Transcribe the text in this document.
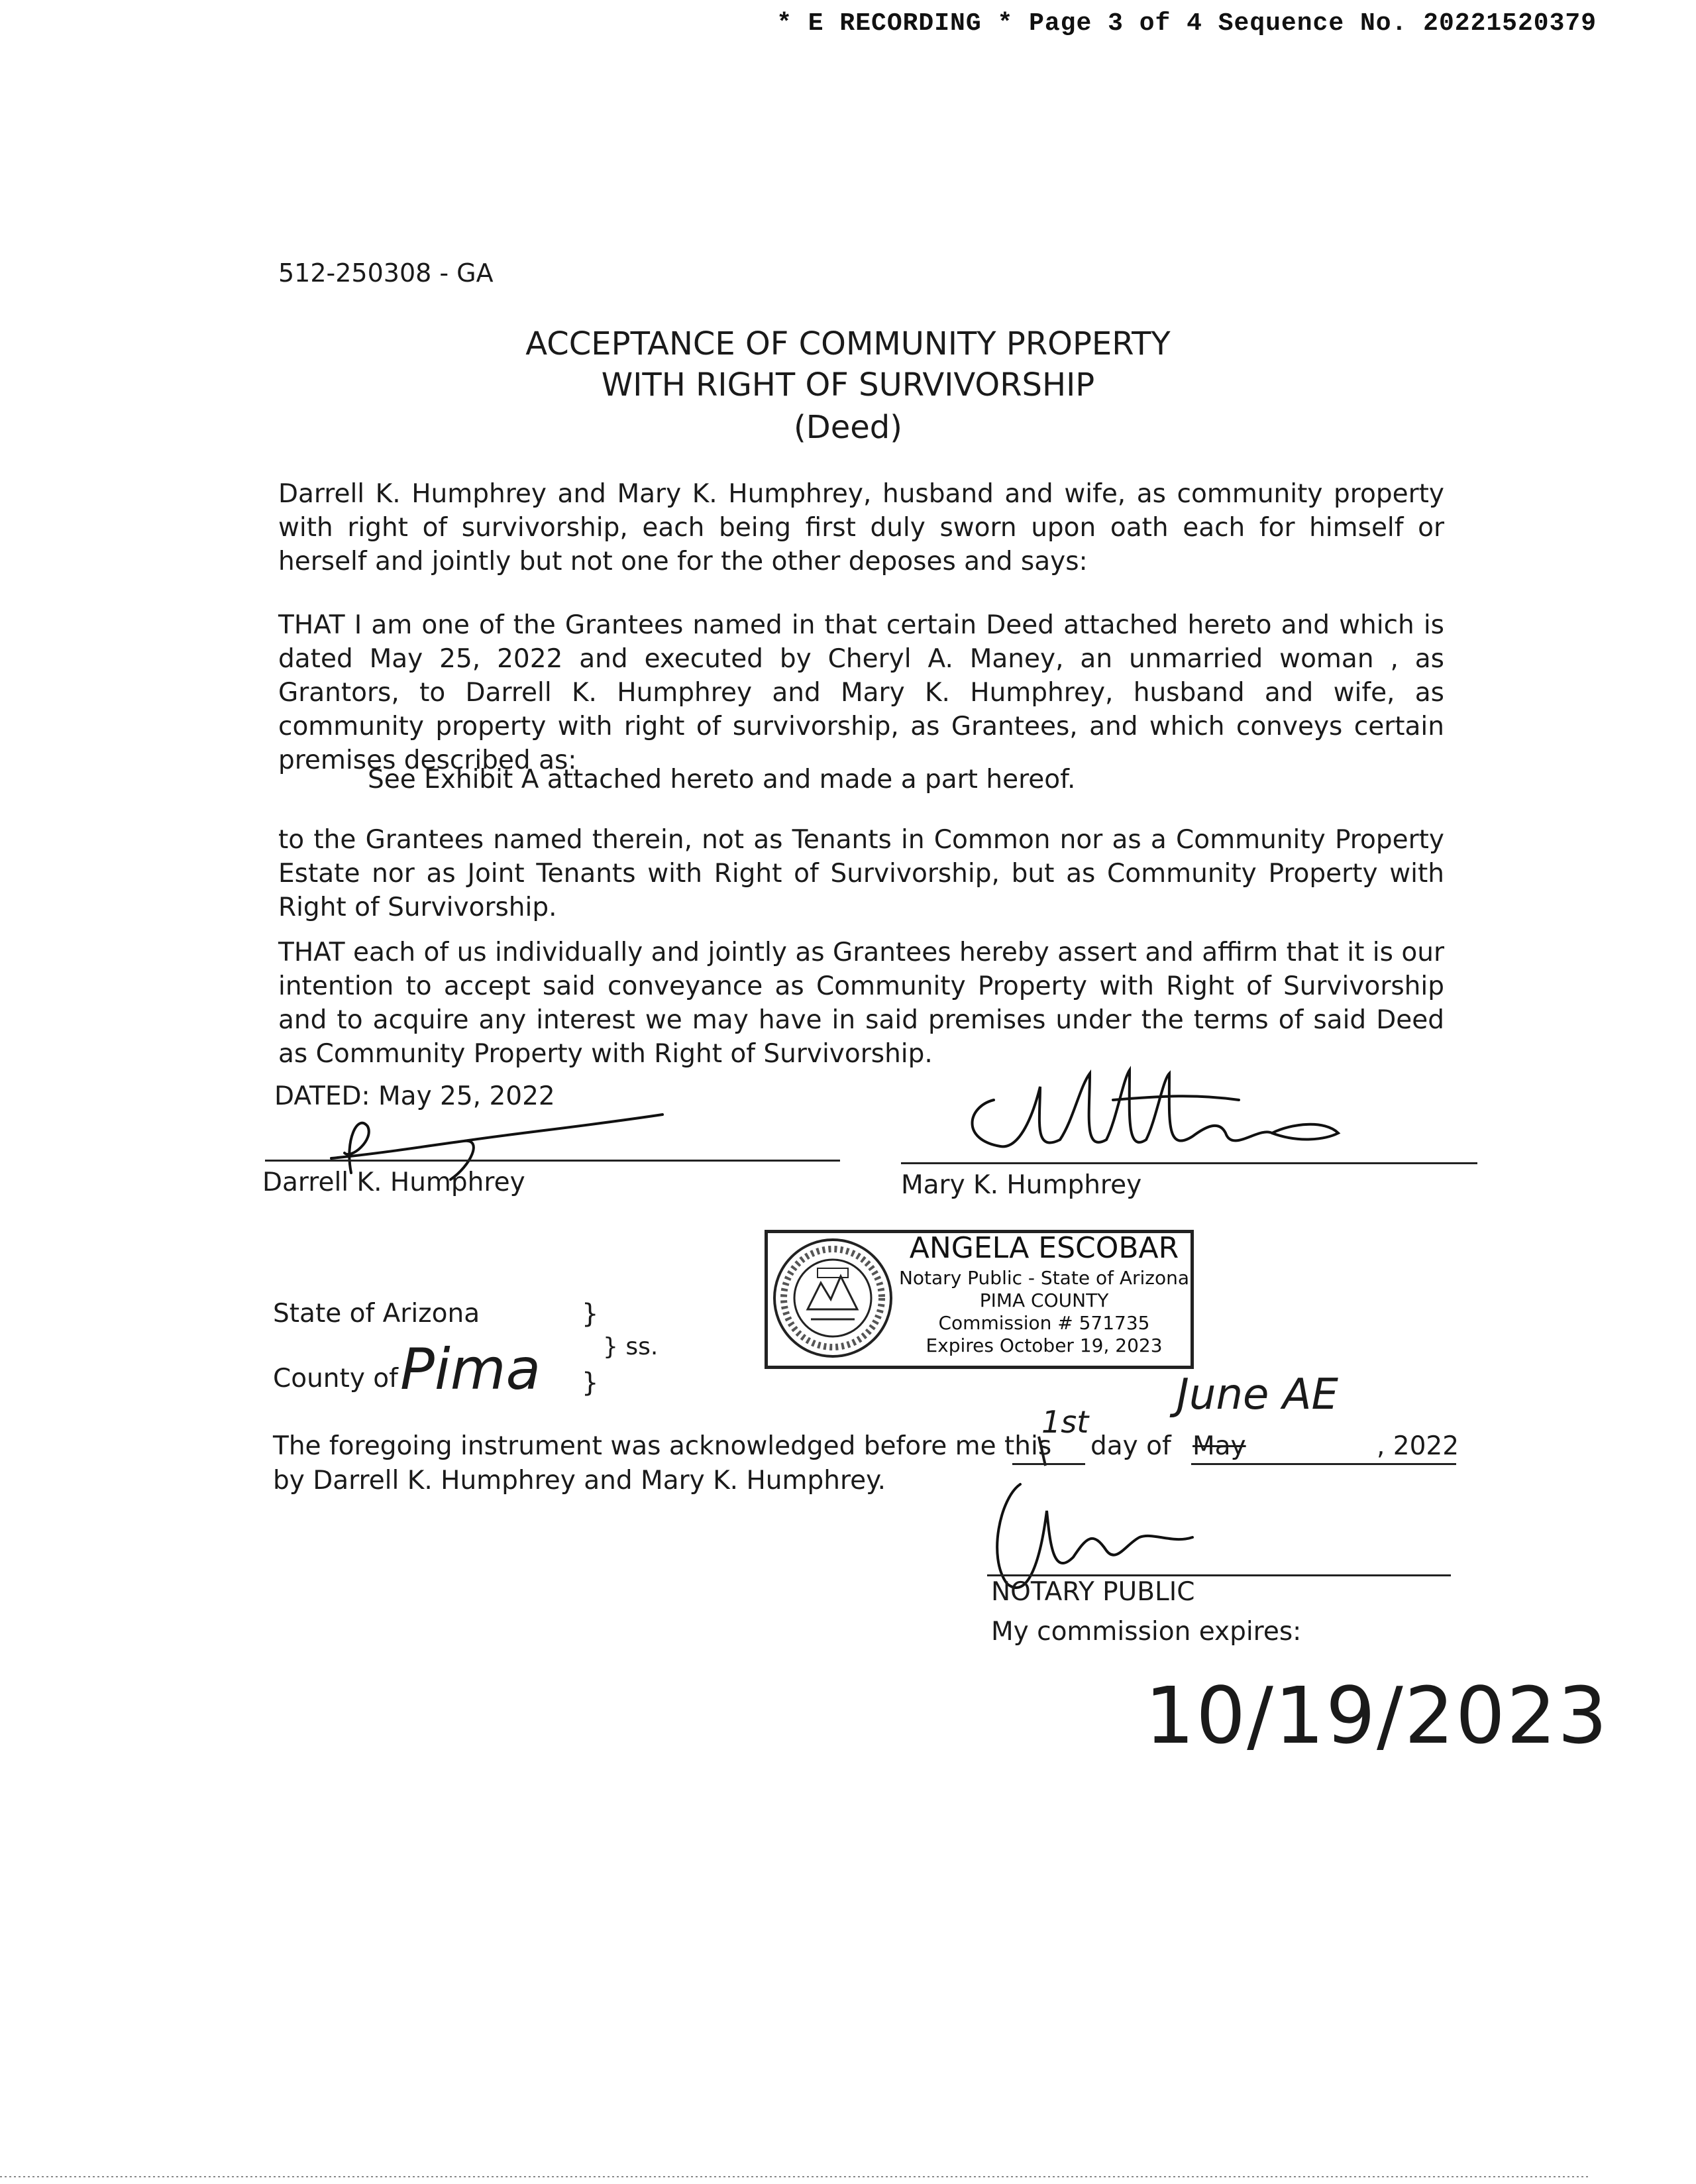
* E RECORDING * Page 3 of 4 Sequence No. 20221520379
512-250308 - GA
ACCEPTANCE OF COMMUNITY PROPERTY
WITH RIGHT OF SURVIVORSHIP
(Deed)
Darrell K. Humphrey and Mary K. Humphrey, husband and wife, as community property with right of survivorship, each being first duly sworn upon oath each for himself or herself and jointly but not one for the other deposes and says:
THAT I am one of the Grantees named in that certain Deed attached hereto and which is dated May 25, 2022 and executed by Cheryl A. Maney, an unmarried woman , as Grantors, to Darrell K. Humphrey and Mary K. Humphrey, husband and wife, as community property with right of survivorship, as Grantees, and which conveys certain premises described as:
See Exhibit A attached hereto and made a part hereof.
to the Grantees named therein, not as Tenants in Common nor as a Community Property Estate nor as Joint Tenants with Right of Survivorship, but as Community Property with Right of Survivorship.
THAT each of us individually and jointly as Grantees hereby assert and affirm that it is our intention to accept said conveyance as Community Property with Right of Survivorship and to acquire any interest we may have in said premises under the terms of said Deed as Community Property with Right of Survivorship.
DATED: May 25, 2022
Darrell K. Humphrey	Mary K. Humphrey
ANGELA ESCOBAR
Notary Public - State of Arizona
PIMA COUNTY
Commission # 571735
Expires October 19, 2023
State of Arizona	}
} ss.
}
County of Pima
The foregoing instrument was acknowledged before me this
1st
day of May
June AE
, 2022
by Darrell K. Humphrey and Mary K. Humphrey.
NOTARY PUBLIC
My commission expires:
10/19/2023
